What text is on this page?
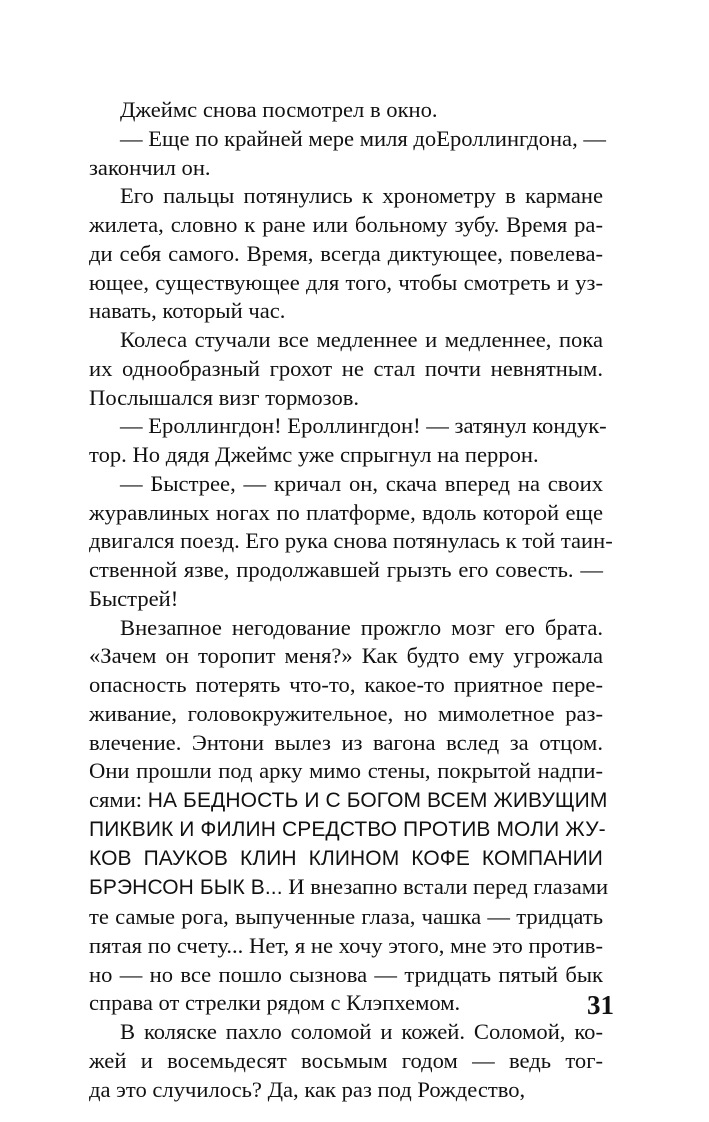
Джеймс снова посмотрел в окно.
— Еще по крайней мере миля доЕроллингдона, —
закончил он.
Его пальцы потянулись к хронометру в кармане
жилета, словно к ране или больному зубу. Время ра-
ди себя самого. Время, всегда диктующее, повелева-
ющее, существующее для того, чтобы смотреть и уз-
навать, который час.
Колеса стучали все медленнее и медленнее, пока
их однообразный грохот не стал почти невнятным.
Послышался визг тормозов.
— Ероллингдон! Ероллингдон! — затянул кондук-
тор. Но дядя Джеймс уже спрыгнул на перрон.
— Быстрее, — кричал он, скача вперед на своих
журавлиных ногах по платформе, вдоль которой еще
двигался поезд. Его рука снова потянулась к той таин-
ственной язве, продолжавшей грызть его совесть. —
Быстрей!
Внезапное негодование прожгло мозг его брата.
«Зачем он торопит меня?» Как будто ему угрожала
опасность потерять что-то, какое-то приятное пере-
живание, головокружительное, но мимолетное раз-
влечение. Энтони вылез из вагона вслед за отцом.
Они прошли под арку мимо стены, покрытой надпи-
сями: НА БЕДНОСТЬ И С БОГОМ ВСЕМ ЖИВУЩИМ
ПИКВИК И ФИЛИН СРЕДСТВО ПРОТИВ МОЛИ ЖУ-
КОВ ПАУКОВ КЛИН КЛИНОМ КОФЕ КОМПАНИИ
БРЭНСОН БЫК В... И внезапно встали перед глазами
те самые рога, выпученные глаза, чашка — тридцать
пятая по счету... Нет, я не хочу этого, мне это против-
но — но все пошло сызнова — тридцать пятый бык
справа от стрелки рядом с Клэпхемом.
В коляске пахло соломой и кожей. Соломой, ко-
жей и восемьдесят восьмым годом — ведь тог-
да это случилось? Да, как раз под Рождество,
31
